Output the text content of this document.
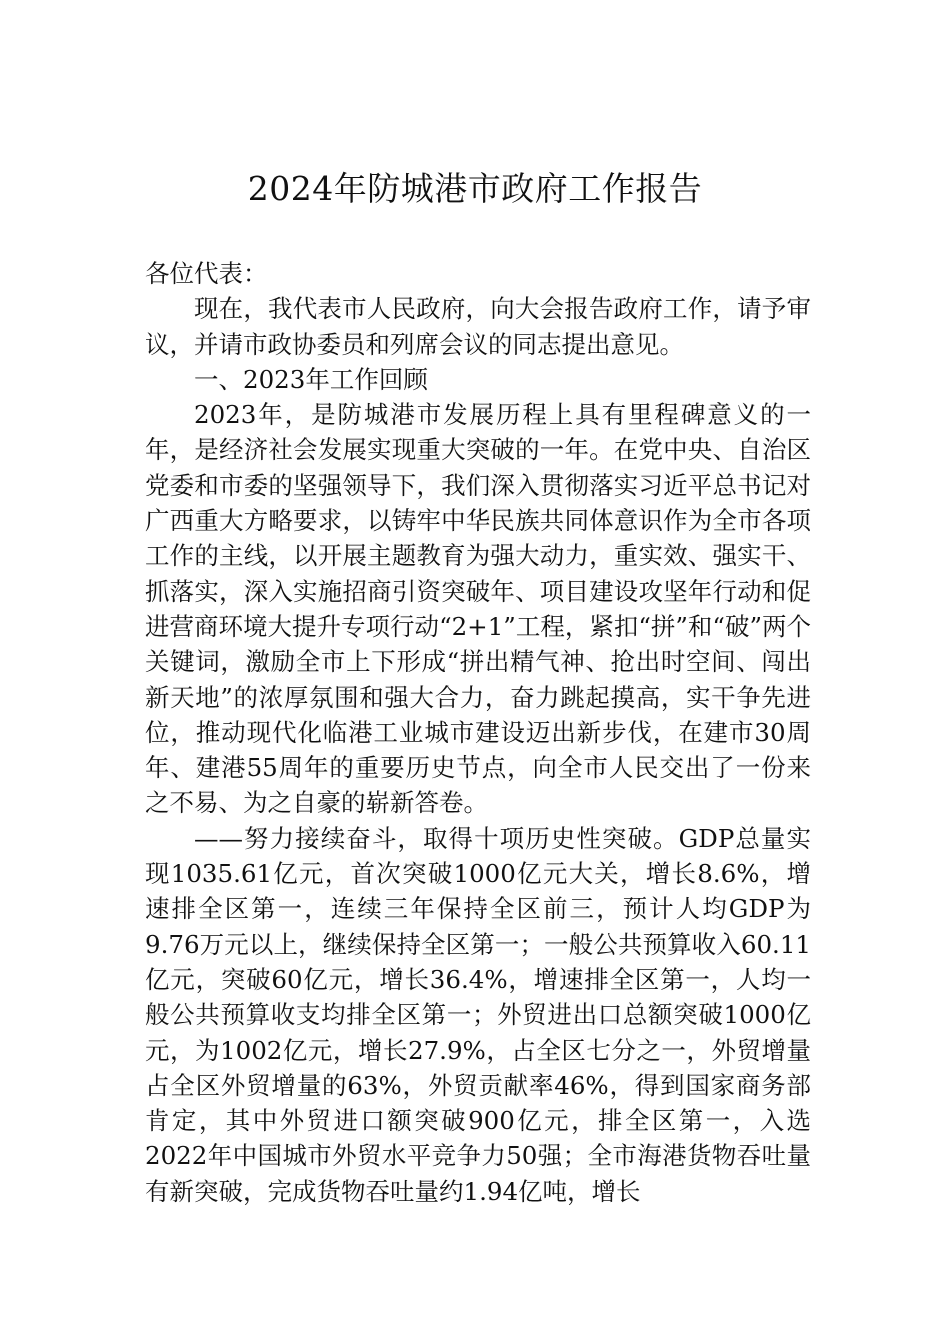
2024年防城港市政府工作报告

各位代表：

现在，我代表市人民政府，向大会报告政府工作，请予审议，并请市政协委员和列席会议的同志提出意见。

一、2023年工作回顾

2023年，是防城港市发展历程上具有里程碑意义的一年，是经济社会发展实现重大突破的一年。在党中央、自治区党委和市委的坚强领导下，我们深入贯彻落实习近平总书记对广西重大方略要求，以铸牢中华民族共同体意识作为全市各项工作的主线，以开展主题教育为强大动力，重实效、强实干、抓落实，深入实施招商引资突破年、项目建设攻坚年行动和促进营商环境大提升专项行动“2+1”工程，紧扣“拼”和“破”两个关键词，激励全市上下形成“拼出精气神、抢出时空间、闯出新天地”的浓厚氛围和强大合力，奋力跳起摸高，实干争先进位，推动现代化临港工业城市建设迈出新步伐，在建市30周年、建港55周年的重要历史节点，向全市人民交出了一份来之不易、为之自豪的崭新答卷。

——努力接续奋斗，取得十项历史性突破。GDP总量实现1035.61亿元，首次突破1000亿元大关，增长8.6%，增速排全区第一，连续三年保持全区前三，预计人均GDP为9.76万元以上，继续保持全区第一；一般公共预算收入60.11亿元，突破60亿元，增长36.4%，增速排全区第一，人均一般公共预算收支均排全区第一；外贸进出口总额突破1000亿元，为1002亿元，增长27.9%，占全区七分之一，外贸增量占全区外贸增量的63%，外贸贡献率46%，得到国家商务部肯定，其中外贸进口额突破900亿元，排全区第一，入选2022年中国城市外贸水平竞争力50强；全市海港货物吞吐量有新突破，完成货物吞吐量约1.94亿吨，增长
